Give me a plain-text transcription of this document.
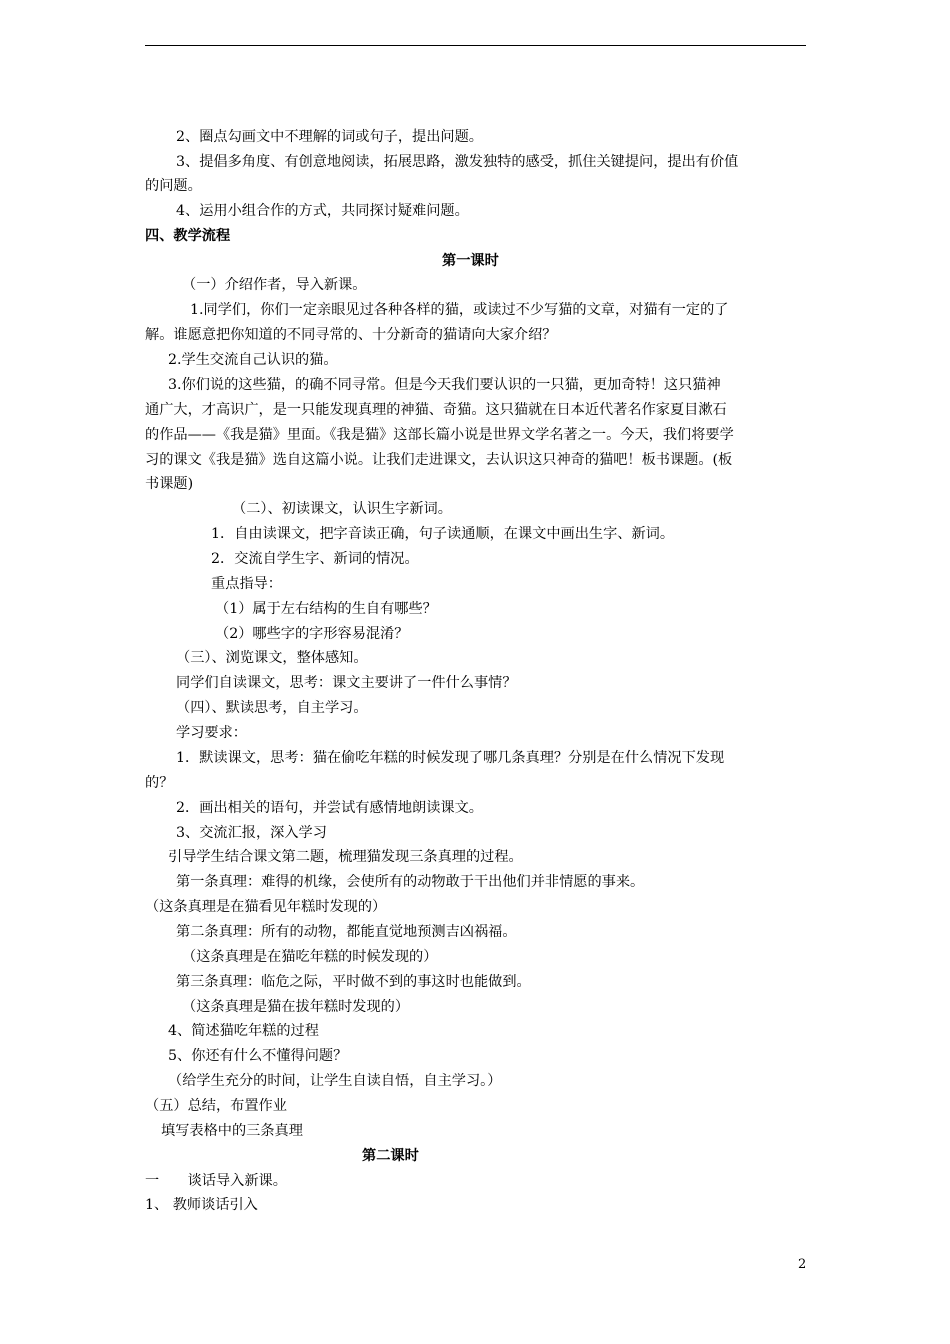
2、圈点勾画文中不理解的词或句子，提出问题。
3、提倡多角度、有创意地阅读，拓展思路，激发独特的感受，抓住关键提问，提出有价值
的问题。
4、运用小组合作的方式，共同探讨疑难问题。
四、教学流程
第一课时
（一）介绍作者，导入新课。
1.同学们，你们一定亲眼见过各种各样的猫，或读过不少写猫的文章，对猫有一定的了
解。谁愿意把你知道的不同寻常的、十分新奇的猫请向大家介绍？
2.学生交流自己认识的猫。
3.你们说的这些猫，的确不同寻常。但是今天我们要认识的一只猫，更加奇特！这只猫神
通广大，才高识广，是一只能发现真理的神猫、奇猫。这只猫就在日本近代著名作家夏目漱石
的作品——《我是猫》里面。《我是猫》这部长篇小说是世界文学名著之一。今天，我们将要学
习的课文《我是猫》选自这篇小说。让我们走进课文，去认识这只神奇的猫吧！板书课题。(板
书课题)
（二）、初读课文，认识生字新词。
1．自由读课文，把字音读正确，句子读通顺，在课文中画出生字、新词。
2．交流自学生字、新词的情况。
重点指导：
（1）属于左右结构的生自有哪些？
（2）哪些字的字形容易混淆？
（三）、浏览课文，整体感知。
同学们自读课文，思考：课文主要讲了一件什么事情？
（四）、默读思考，自主学习。
学习要求：
1．默读课文，思考：猫在偷吃年糕的时候发现了哪几条真理？分别是在什么情况下发现
的？
2．画出相关的语句，并尝试有感情地朗读课文。
3、交流汇报，深入学习
引导学生结合课文第二题，梳理猫发现三条真理的过程。
第一条真理：难得的机缘，会使所有的动物敢于干出他们并非情愿的事来。
（这条真理是在猫看见年糕时发现的）
第二条真理：所有的动物，都能直觉地预测吉凶祸福。
（这条真理是在猫吃年糕的时候发现的）
第三条真理：临危之际，平时做不到的事这时也能做到。
（这条真理是猫在拔年糕时发现的）
4、简述猫吃年糕的过程
5、你还有什么不懂得问题？
（给学生充分的时间，让学生自读自悟，自主学习。）
（五）总结，布置作业
填写表格中的三条真理
第二课时
一　　谈话导入新课。
1、 教师谈话引入
2
